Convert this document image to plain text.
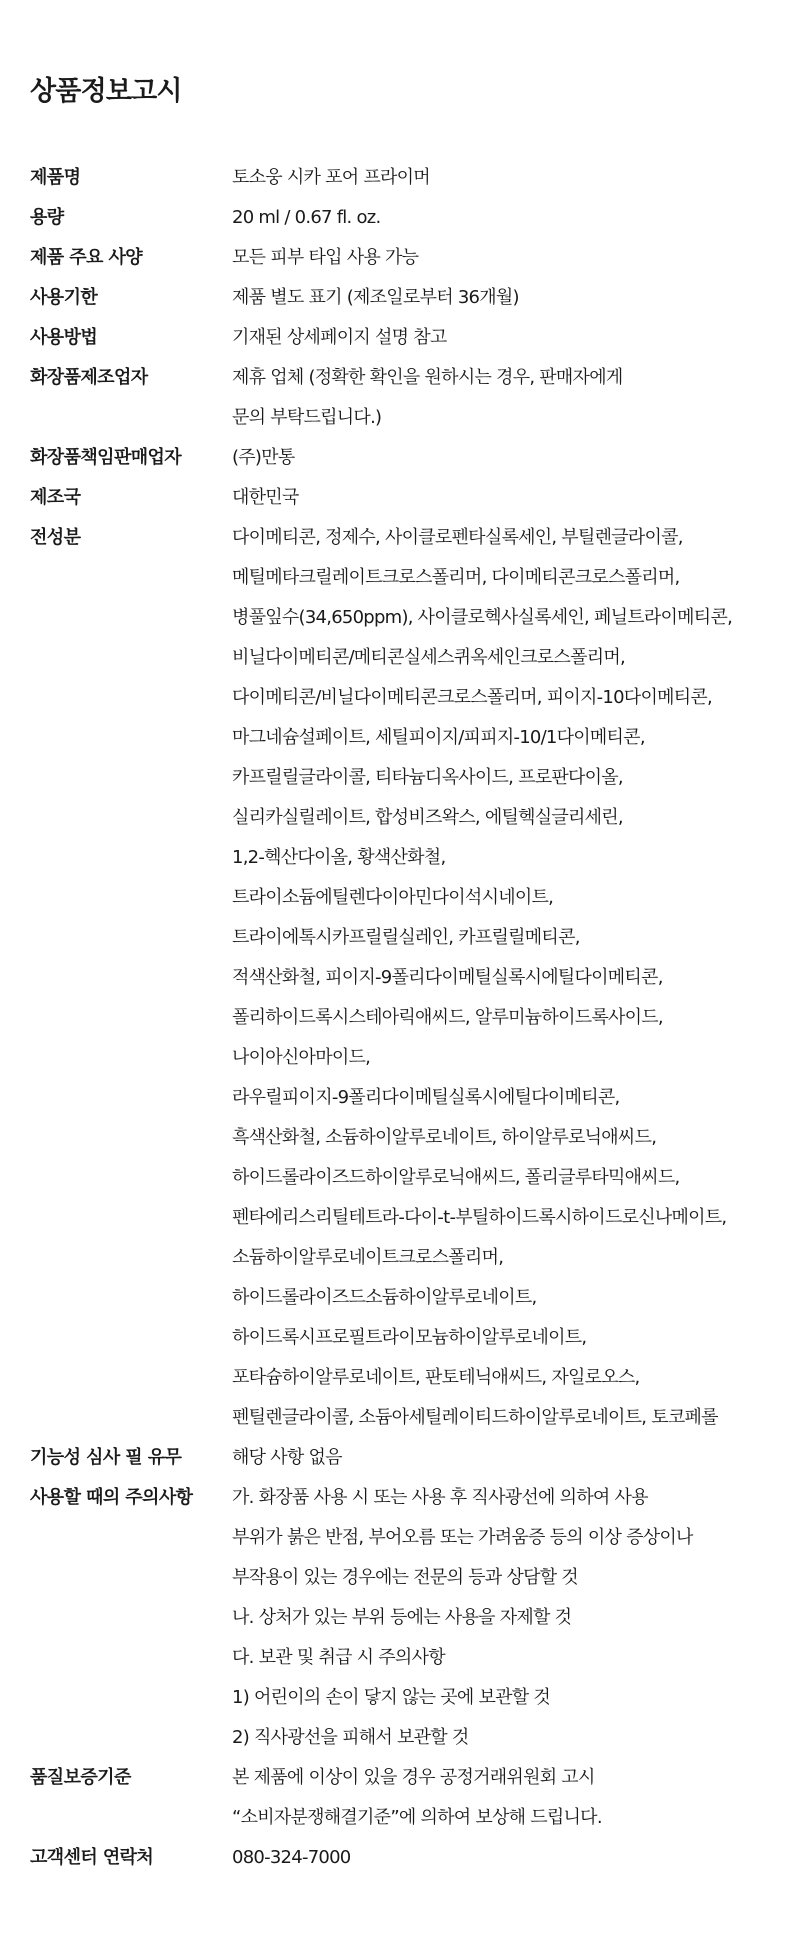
상품정보고시
제품명	토소웅 시카 포어 프라이머
용량	20 ml / 0.67 fl. oz.
제품 주요 사양	모든 피부 타입 사용 가능
사용기한	제품 별도 표기 (제조일로부터 36개월)
사용방법	기재된 상세페이지 설명 참고
화장품제조업자	제휴 업체 (정확한 확인을 원하시는 경우, 판매자에게
문의 부탁드립니다.)
화장품책임판매업자	(주)만통
제조국	대한민국
전성분	다이메티콘, 정제수, 사이클로펜타실록세인, 부틸렌글라이콜,
메틸메타크릴레이트크로스폴리머, 다이메티콘크로스폴리머,
병풀잎수(34,650ppm), 사이클로헥사실록세인, 페닐트라이메티콘,
비닐다이메티콘/메티콘실세스퀴옥세인크로스폴리머,
다이메티콘/비닐다이메티콘크로스폴리머, 피이지-10다이메티콘,
마그네슘설페이트, 세틸피이지/피피지-10/1다이메티콘,
카프릴릴글라이콜, 티타늄디옥사이드, 프로판다이올,
실리카실릴레이트, 합성비즈왁스, 에틸헥실글리세린,
1,2-헥산다이올, 황색산화철,
트라이소듐에틸렌다이아민다이석시네이트,
트라이에톡시카프릴릴실레인, 카프릴릴메티콘,
적색산화철, 피이지-9폴리다이메틸실록시에틸다이메티콘,
폴리하이드록시스테아릭애씨드, 알루미늄하이드록사이드,
나이아신아마이드,
라우릴피이지-9폴리다이메틸실록시에틸다이메티콘,
흑색산화철, 소듐하이알루로네이트, 하이알루로닉애씨드,
하이드롤라이즈드하이알루로닉애씨드, 폴리글루타믹애씨드,
펜타에리스리틸테트라-다이-t-부틸하이드록시하이드로신나메이트,
소듐하이알루로네이트크로스폴리머,
하이드롤라이즈드소듐하이알루로네이트,
하이드록시프로필트라이모늄하이알루로네이트,
포타슘하이알루로네이트, 판토테닉애씨드, 자일로오스,
펜틸렌글라이콜, 소듐아세틸레이티드하이알루로네이트, 토코페롤
기능성 심사 필 유무	해당 사항 없음
사용할 때의 주의사항	가. 화장품 사용 시 또는 사용 후 직사광선에 의하여 사용
부위가 붉은 반점, 부어오름 또는 가려움증 등의 이상 증상이나
부작용이 있는 경우에는 전문의 등과 상담할 것
나. 상처가 있는 부위 등에는 사용을 자제할 것
다. 보관 및 취급 시 주의사항
1) 어린이의 손이 닿지 않는 곳에 보관할 것
2) 직사광선을 피해서 보관할 것
품질보증기준	본 제품에 이상이 있을 경우 공정거래위원회 고시
“소비자분쟁해결기준”에 의하여 보상해 드립니다.
고객센터 연락처	080-324-7000
